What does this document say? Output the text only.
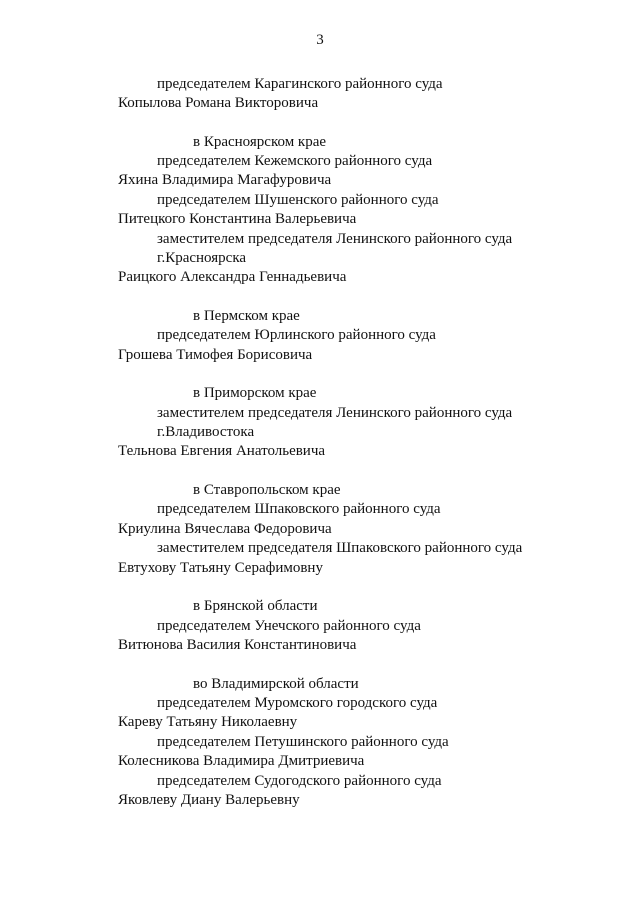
3
председателем Карагинского районного суда
Копылова Романа Викторовича
в Красноярском крае
председателем Кежемского районного суда
Яхина Владимира Магафуровича
председателем Шушенского районного суда
Питецкого Константина Валерьевича
заместителем председателя Ленинского районного суда
г.Красноярска
Раицкого Александра Геннадьевича
в Пермском крае
председателем Юрлинского районного суда
Грошева Тимофея Борисовича
в Приморском крае
заместителем председателя Ленинского районного суда
г.Владивостока
Тельнова Евгения Анатольевича
в Ставропольском крае
председателем Шпаковского районного суда
Криулина Вячеслава Федоровича
заместителем председателя Шпаковского районного суда
Евтухову Татьяну Серафимовну
в Брянской области
председателем Унечского районного суда
Витюнова Василия Константиновича
во Владимирской области
председателем Муромского городского суда
Кареву Татьяну Николаевну
председателем Петушинского районного суда
Колесникова Владимира Дмитриевича
председателем Судогодского районного суда
Яковлеву Диану Валерьевну
